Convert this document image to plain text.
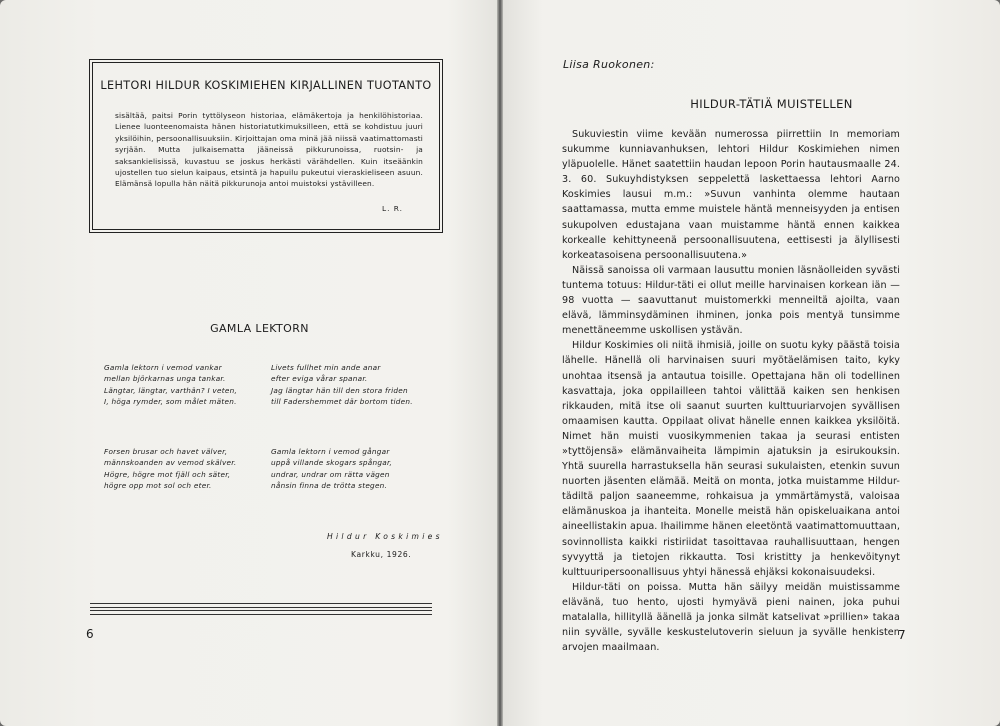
LEHTORI HILDUR KOSKIMIEHEN KIRJALLINEN TUOTANTO

sisältää, paitsi Porin tyttölyseon historiaa, elämäkertoja ja henkilöhistoriaa. Lienee luonteenomaista hänen historiatutkimuksilleen, että se kohdistuu juuri yksilöihin, persoonallisuuksiin. Kirjoittajan oma minä jää niissä vaatimattomasti syrjään. Mutta julkaisematta jääneissä pikkurunoissa, ruotsin- ja saksankielisissä, kuvastuu se joskus herkästi värähdellen. Kuin itseäänkin ujostellen tuo sielun kaipaus, etsintä ja hapuilu pukeutui vieraskieliseen asuun. Elämänsä lopulla hän näitä pikkurunoja antoi muistoksi ystävilleen.

L. R.
GAMLA LEKTORN
Gamla lektorn i vemod vankar
mellan björkarnas unga tankar.
Längtar, längtar, varthän? I veten,
I, höga rymder, som målet mäten.
Livets fullhet min ande anar
efter eviga vårar spanar.
Jag längtar hän till den stora friden
till Fadershemmet där bortom tiden.
Forsen brusar och havet välver,
männskoanden av vemod skälver.
Högre, högre mot fjäll och säter,
högre opp mot sol och eter.
Gamla lektorn i vemod gångar
uppå villande skogars spångar,
undrar, undrar om rätta vägen
nånsin finna de trötta stegen.
Hildur Koskimies
Karkku, 1926.
6
Liisa Ruokonen:
HILDUR-TÄTIÄ MUISTELLEN

Sukuviestin viime kevään numerossa piirrettiin In memoriam sukumme kunniavanhuksen, lehtori Hildur Koskimiehen nimen yläpuolelle. Hänet saatettiin haudan lepoon Porin hautausmaalle 24. 3. 60. Sukuyhdistyksen seppelettä laskettaessa lehtori Aarno Koskimies lausui m.m.: »Suvun vanhinta olemme hautaan saattamassa, mutta emme muistele häntä menneisyyden ja entisen sukupolven edustajana vaan muistamme häntä ennen kaikkea korkealle kehittyneenä persoonallisuutena, eettisesti ja älyllisesti korkeatasoisena persoonallisuutena.»

Näissä sanoissa oli varmaan lausuttu monien läsnäolleiden syvästi tuntema totuus: Hildur-täti ei ollut meille harvinaisen korkean iän — 98 vuotta — saavuttanut muistomerkki menneiltä ajoilta, vaan elävä, lämminsydäminen ihminen, jonka pois mentyä tunsimme menettäneemme uskollisen ystävän.

Hildur Koskimies oli niitä ihmisiä, joille on suotu kyky päästä toisia lähelle. Hänellä oli harvinaisen suuri myötäelämisen taito, kyky unohtaa itsensä ja antautua toisille. Opettajana hän oli todellinen kasvattaja, joka oppilailleen tahtoi välittää kaiken sen henkisen rikkauden, mitä itse oli saanut suurten kulttuuriarvojen syvällisen omaamisen kautta. Oppilaat olivat hänelle ennen kaikkea yksilöitä. Nimet hän muisti vuosikymmenien takaa ja seurasi entisten »tyttöjensä» elämänvaiheita lämpimin ajatuksin ja esirukouksin. Yhtä suurella harrastuksella hän seurasi sukulaisten, etenkin suvun nuorten jäsenten elämää. Meitä on monta, jotka muistamme Hildur-tädiltä paljon saaneemme, rohkaisua ja ymmärtämystä, valoisaa elämänuskoa ja ihanteita. Monelle meistä hän opiskeluaikana antoi aineellistakin apua. Ihailimme hänen eleetöntä vaatimattomuuttaan, sovinnollista kaikki ristiriidat tasoittavaa rauhallisuuttaan, hengen syvyyttä ja tietojen rikkautta. Tosi kristitty ja henkevöitynyt kulttuuripersoonallisuus yhtyi hänessä ehjäksi kokonaisuudeksi.

Hildur-täti on poissa. Mutta hän säilyy meidän muistissamme elävänä, tuo hento, ujosti hymyävä pieni nainen, joka puhui matalalla, hillityllä äänellä ja jonka silmät katselivat »prillien» takaa niin syvälle, syvälle keskustelutoverin sieluun ja syvälle henkisten arvojen maailmaan.

7
